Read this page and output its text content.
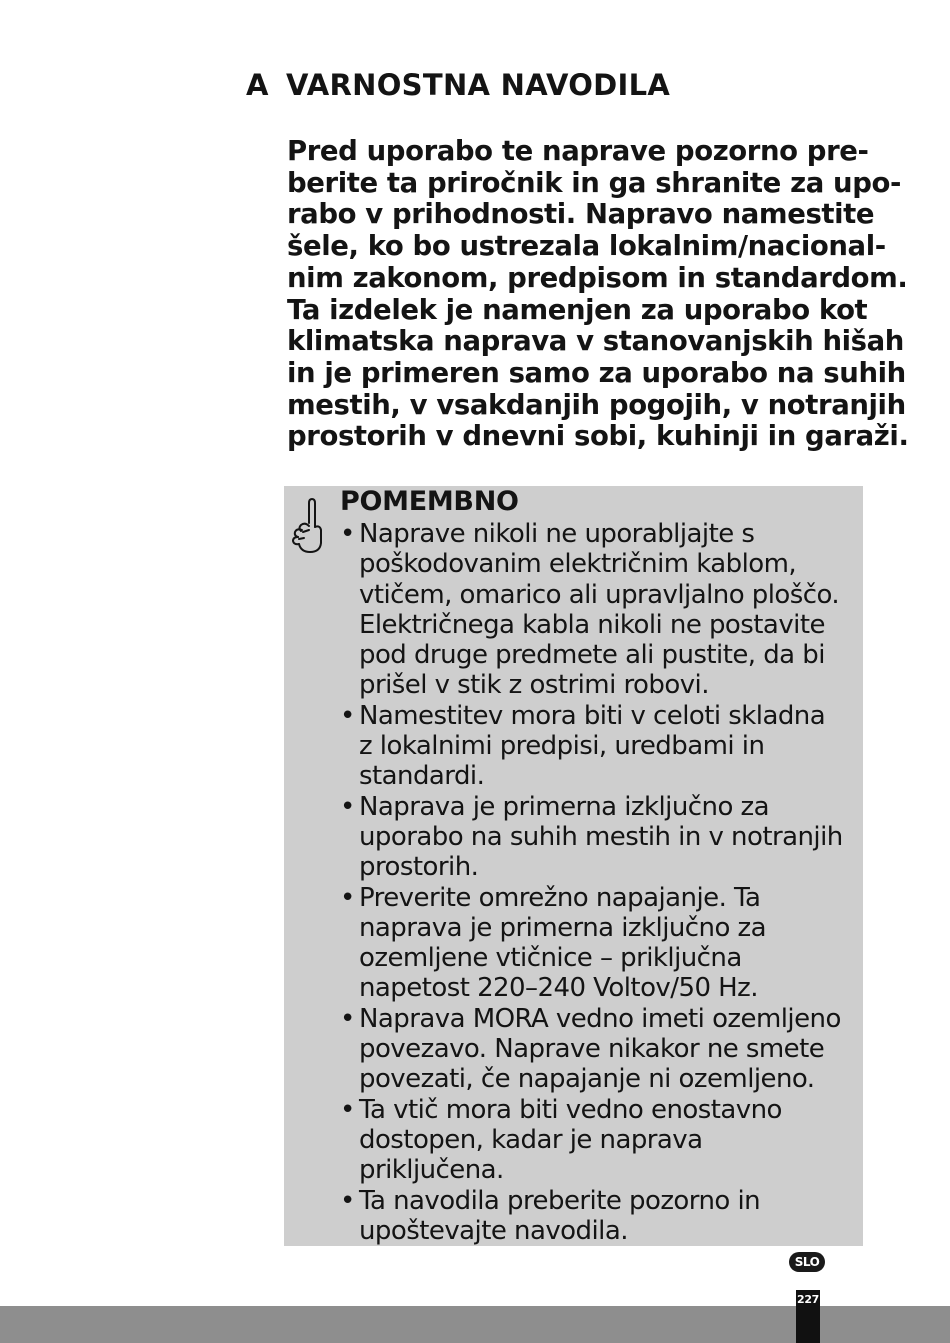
A VARNOSTNA NAVODILA

Pred uporabo te naprave pozorno pre-
berite ta priročnik in ga shranite za upo-
rabo v prihodnosti. Napravo namestite
šele, ko bo ustrezala lokalnim/nacional-
nim zakonom, predpisom in standardom.
Ta izdelek je namenjen za uporabo kot
klimatska naprava v stanovanjskih hišah
in je primeren samo za uporabo na suhih
mestih, v vsakdanjih pogojih, v notranjih
prostorih v dnevni sobi, kuhinji in garaži.

POMEMBNO
• Naprave nikoli ne uporabljajte s
poškodovanim električnim kablom,
vtičem, omarico ali upravljalno ploščo.
Električnega kabla nikoli ne postavite
pod druge predmete ali pustite, da bi
prišel v stik z ostrimi robovi.
• Namestitev mora biti v celoti skladna
z lokalnimi predpisi, uredbami in
standardi.
• Naprava je primerna izključno za
uporabo na suhih mestih in v notranjih
prostorih.
• Preverite omrežno napajanje. Ta
naprava je primerna izključno za
ozemljene vtičnice – priključna
napetost 220–240 Voltov/50 Hz.
• Naprava MORA vedno imeti ozemljeno
povezavo. Naprave nikakor ne smete
povezati, če napajanje ni ozemljeno.
• Ta vtič mora biti vedno enostavno
dostopen, kadar je naprava
priključena.
• Ta navodila preberite pozorno in
upoštevajte navodila.
SLO
227
